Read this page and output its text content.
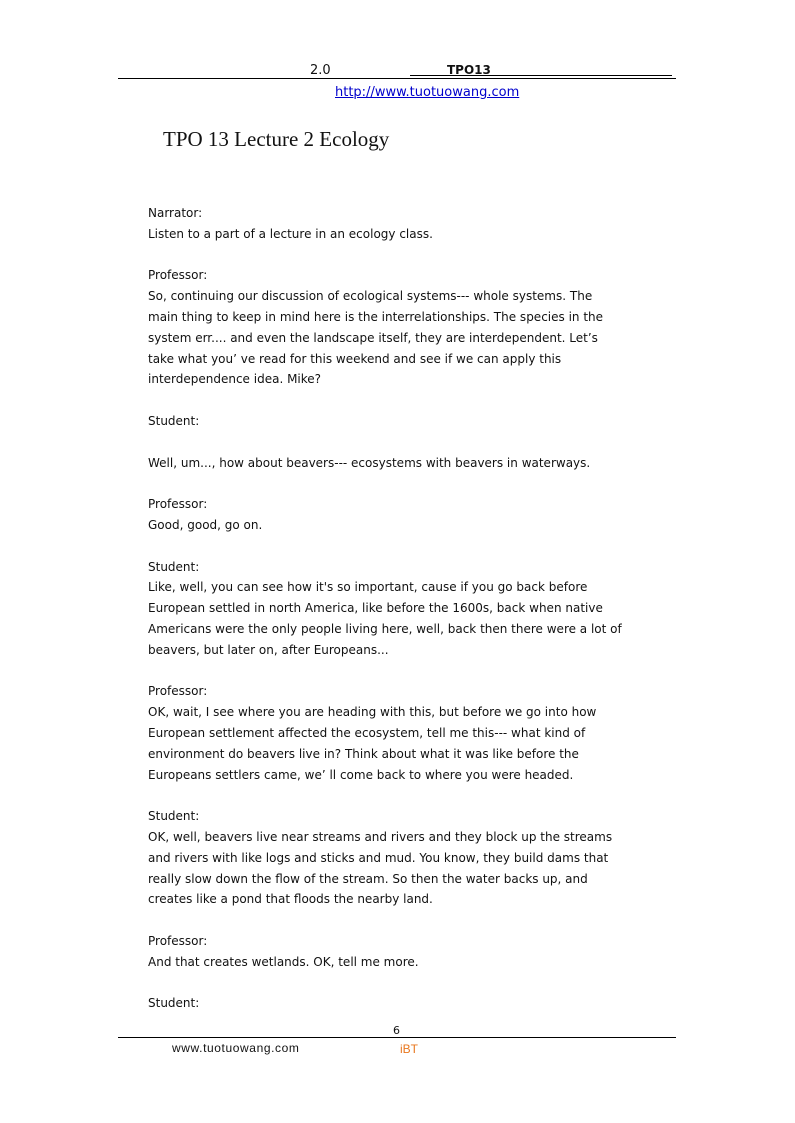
2.0	TPO13
http://www.tuotuowang.com
TPO 13 Lecture 2 Ecology
Narrator:
Listen to a part of a lecture in an ecology class.
Professor:
So, continuing our discussion of ecological systems--- whole systems. The
main thing to keep in mind here is the interrelationships. The species in the
system err.... and even the landscape itself, they are interdependent. Let’s
take what you’ ve read for this weekend and see if we can apply this
interdependence idea. Mike?
Student:
Well, um..., how about beavers--- ecosystems with beavers in waterways.
Professor:
Good, good, go on.
Student:
Like, well, you can see how it's so important, cause if you go back before
European settled in north America, like before the 1600s, back when native
Americans were the only people living here, well, back then there were a lot of
beavers, but later on, after Europeans...
Professor:
OK, wait, I see where you are heading with this, but before we go into how
European settlement affected the ecosystem, tell me this--- what kind of
environment do beavers live in? Think about what it was like before the
Europeans settlers came, we’ ll come back to where you were headed.
Student:
OK, well, beavers live near streams and rivers and they block up the streams
and rivers with like logs and sticks and mud. You know, they build dams that
really slow down the flow of the stream. So then the water backs up, and
creates like a pond that floods the nearby land.
Professor:
And that creates wetlands. OK, tell me more.
Student:
6
www.tuotuowang.com	iBT
